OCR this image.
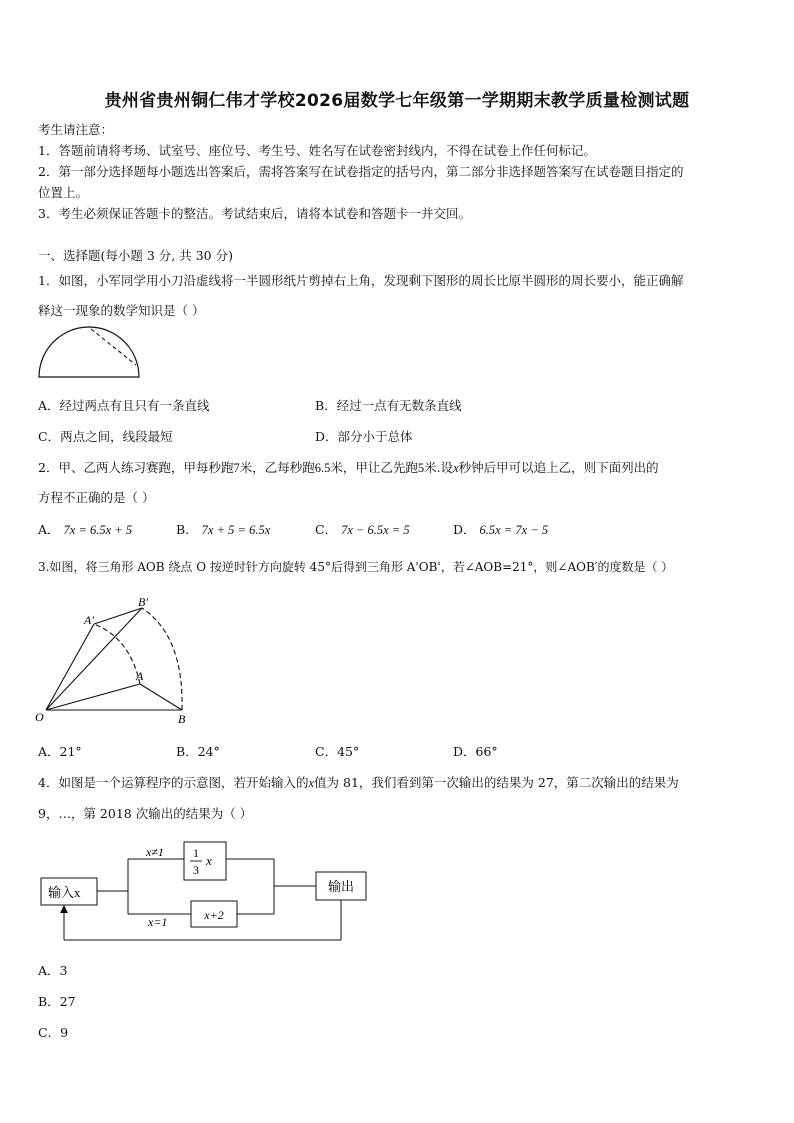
贵州省贵州铜仁伟才学校2026届数学七年级第一学期期末教学质量检测试题
考生请注意：
1．答题前请将考场、试室号、座位号、考生号、姓名写在试卷密封线内，不得在试卷上作任何标记。
2．第一部分选择题每小题选出答案后，需将答案写在试卷指定的括号内，第二部分非选择题答案写在试卷题目指定的
位置上。
3．考生必须保证答题卡的整洁。考试结束后，请将本试卷和答题卡一并交回。
一、选择题(每小题 3 分, 共 30 分)
1．如图，小军同学用小刀沿虚线将一半圆形纸片剪掉右上角，发现剩下图形的周长比原半圆形的周长要小，能正确解
释这一现象的数学知识是（ ）
A．经过两点有且只有一条直线	B．经过一点有无数条直线
C．两点之间，线段最短	D．部分小于总体
2．甲、乙两人练习赛跑，甲每秒跑7米，乙每秒跑6.5米，甲让乙先跑5米.设x秒钟后甲可以追上乙，则下面列出的
方程不正确的是（ ）
A． 7x = 6.5x + 5	B． 7x + 5 = 6.5x	C． 7x − 6.5x = 5	D． 6.5x = 7x − 5
3.如图，将三角形 AOB 绕点 O 按逆时针方向旋转 45°后得到三角形 A'OB'，若∠AOB=21°，则∠AOB′的度数是（ ）
O
A
B
A′
B′
A．21°	B．24°	C．45°	D．66°
4．如图是一个运算程序的示意图，若开始输入的x值为 81，我们看到第一次输出的结果为 27，第二次输出的结果为
9，…，第 2018 次输出的结果为（ ）
输入x
x≠1 1
3
x
x=1	x+2
输出
A．3
B．27
C．9
